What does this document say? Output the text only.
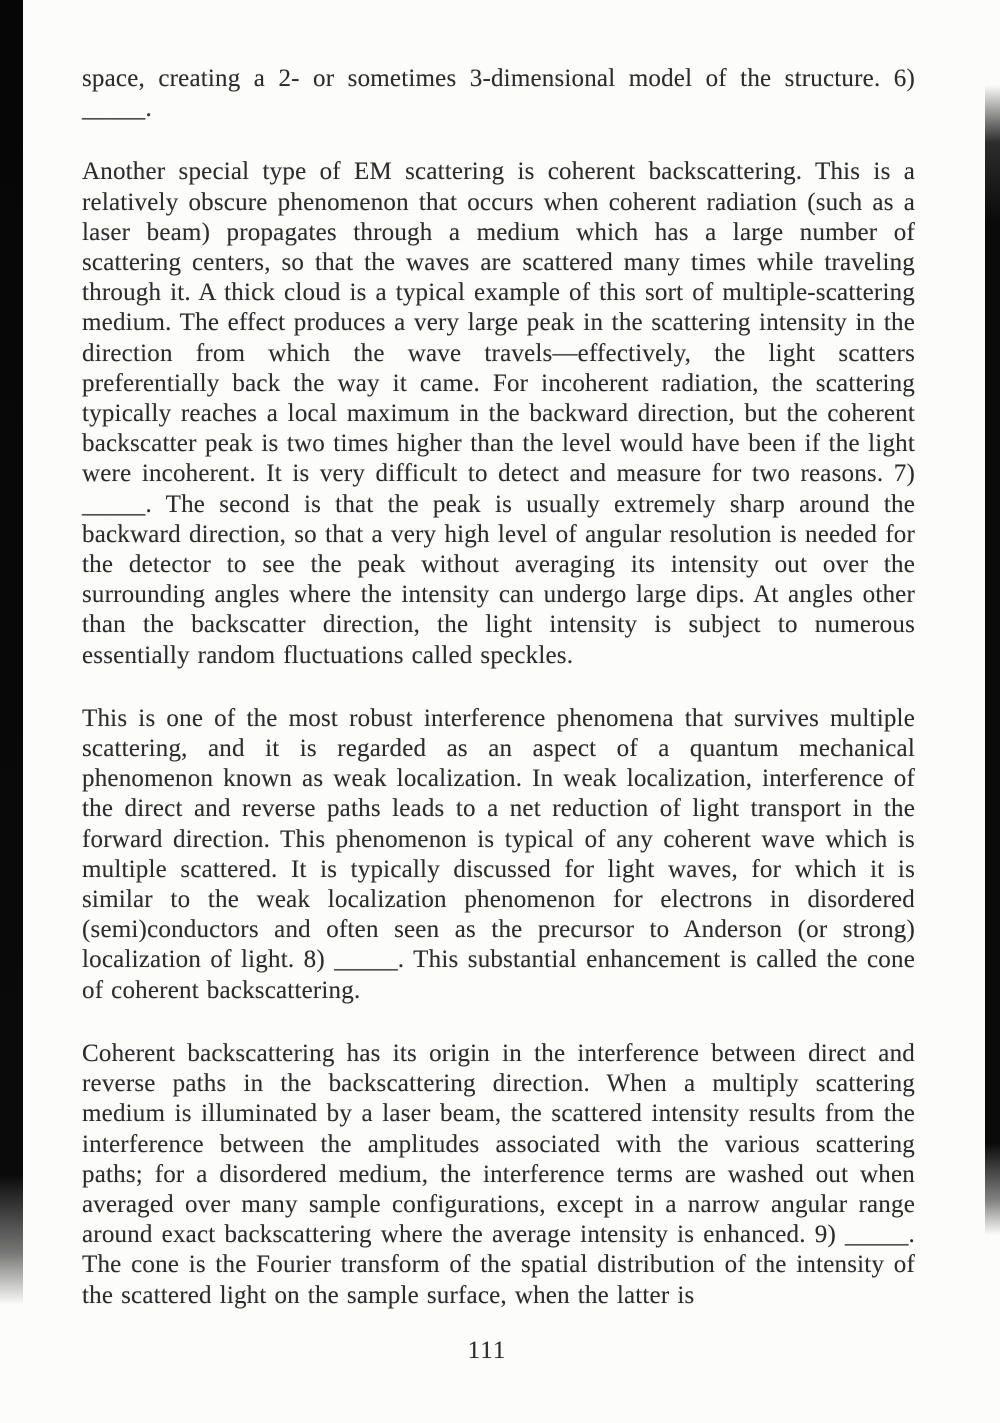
space, creating a 2- or sometimes 3-dimensional model of the structure. 6) _____.

Another special type of EM scattering is coherent backscattering. This is a relatively obscure phenomenon that occurs when coherent radiation (such as a laser beam) propagates through a medium which has a large number of scattering centers, so that the waves are scattered many times while traveling through it. A thick cloud is a typical example of this sort of multiple-scattering medium. The effect produces a very large peak in the scattering intensity in the direction from which the wave travels—effectively, the light scatters preferentially back the way it came. For incoherent radiation, the scattering typically reaches a local maximum in the backward direction, but the coherent backscatter peak is two times higher than the level would have been if the light were incoherent. It is very difficult to detect and measure for two reasons. 7) _____. The second is that the peak is usually extremely sharp around the backward direction, so that a very high level of angular resolution is needed for the detector to see the peak without averaging its intensity out over the surrounding angles where the intensity can undergo large dips. At angles other than the backscatter direction, the light intensity is subject to numerous essentially random fluctuations called speckles.

This is one of the most robust interference phenomena that survives multiple scattering, and it is regarded as an aspect of a quantum mechanical phenomenon known as weak localization. In weak localization, interference of the direct and reverse paths leads to a net reduction of light transport in the forward direction. This phenomenon is typical of any coherent wave which is multiple scattered. It is typically discussed for light waves, for which it is similar to the weak localization phenomenon for electrons in disordered (semi)conductors and often seen as the precursor to Anderson (or strong) localization of light. 8) _____. This substantial enhancement is called the cone of coherent backscattering.

Coherent backscattering has its origin in the interference between direct and reverse paths in the backscattering direction. When a multiply scattering medium is illuminated by a laser beam, the scattered intensity results from the interference between the amplitudes associated with the various scattering paths; for a disordered medium, the interference terms are washed out when averaged over many sample configurations, except in a narrow angular range around exact backscattering where the average intensity is enhanced. 9) _____. The cone is the Fourier transform of the spatial distribution of the intensity of the scattered light on the sample surface, when the latter is

111
